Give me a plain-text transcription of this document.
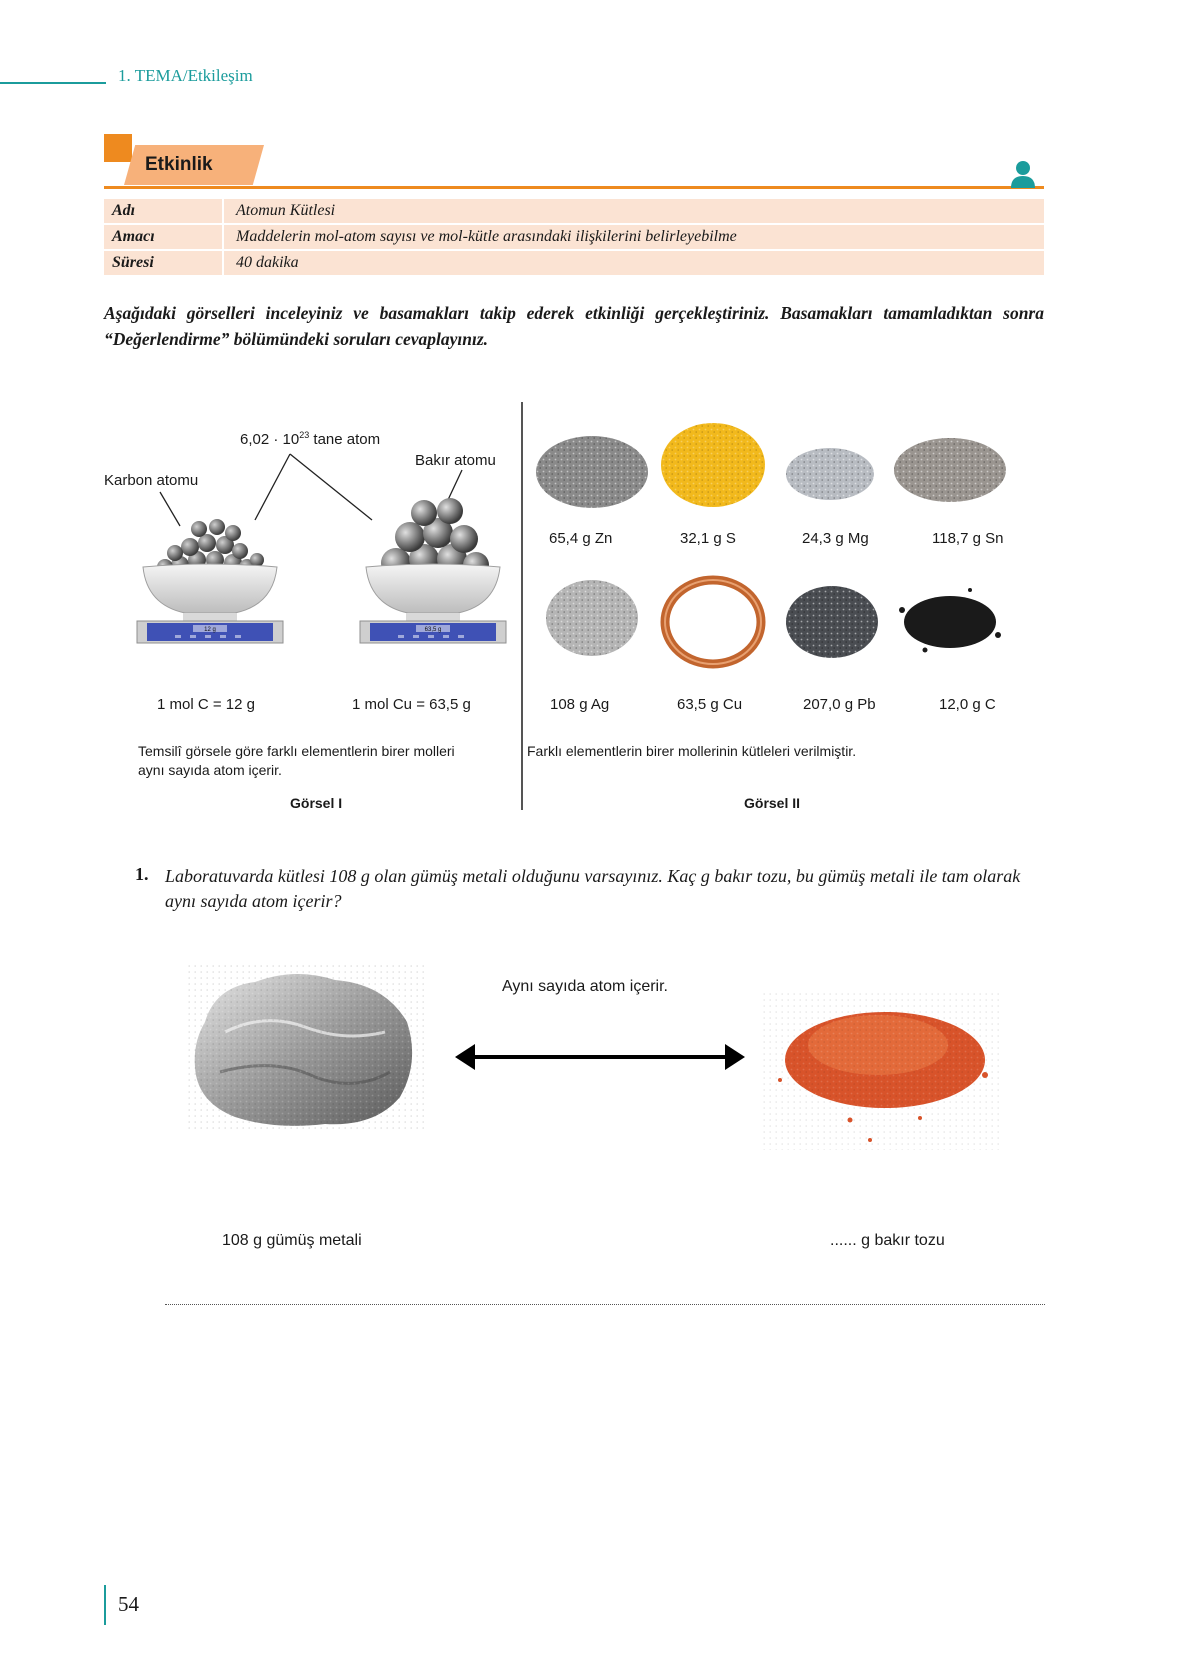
1. TEMA/Etkileşim
Etkinlik
Adı	Atomun Kütlesi
Amacı	Maddelerin mol-atom sayısı ve mol-kütle arasındaki ilişkilerini belirleyebilme
Süresi	40 dakika
Aşağıdaki görselleri inceleyiniz ve basamakları takip ederek etkinliği gerçekleştiriniz. Basamakları tamamladıktan sonra “Değerlendirme” bölümündeki soruları cevaplayınız.
$6,02 \cdot 10^{23}$ tane atom
Karbon atomu
Bakır atomu
12 g	63,5 g
1 mol C = 12 g	1 mol Cu = 63,5 g
Temsilî görsele göre farklı elementlerin birer molleri
aynı sayıda atom içerir.
Görsel I
65,4 g Zn	32,1 g S	24,3 g Mg	118,7 g Sn
108 g Ag	63,5 g Cu	207,0 g Pb	12,0 g C
Farklı elementlerin birer mollerinin kütleleri verilmiştir.
Görsel II
1. Laboratuvarda kütlesi 108 g olan gümüş metali olduğunu varsayınız. Kaç g bakır tozu, bu gümüş metali ile tam olarak aynı sayıda atom içerir?
Aynı sayıda atom içerir.
108 g gümüş metali	...... g bakır tozu
54
